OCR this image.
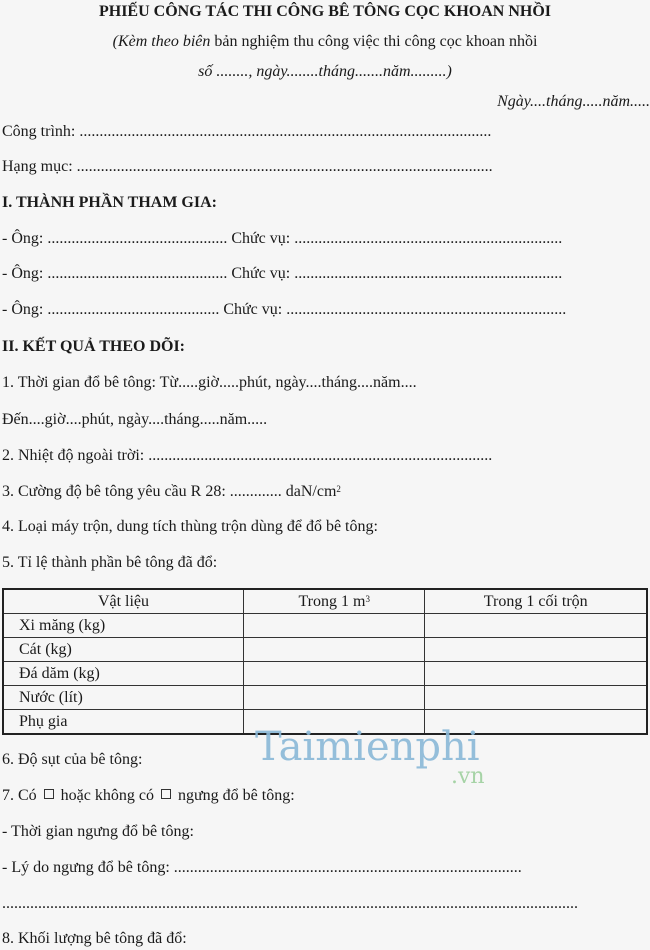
PHIẾU CÔNG TÁC THI CÔNG BÊ TÔNG CỌC KHOAN NHỒI
(Kèm theo biên bản nghiệm thu công việc thi công cọc khoan nhồi
số ........, ngày........tháng.......năm.........)
Ngày....tháng.....năm.....
Công trình: .......................................................................................................
Hạng mục: ........................................................................................................
I. THÀNH PHẦN THAM GIA:
- Ông: ............................................. Chức vụ: ...................................................................
- Ông: ............................................. Chức vụ: ...................................................................
- Ông: ........................................... Chức vụ: ......................................................................
II. KẾT QUẢ THEO DÕI:
1. Thời gian đổ bê tông: Từ.....giờ.....phút, ngày....tháng....năm....
Đến....giờ....phút, ngày....tháng.....năm.....
2. Nhiệt độ ngoài trời: ......................................................................................
3. Cường độ bê tông yêu cầu R 28: ............. daN/$cm^2$
4. Loại máy trộn, dung tích thùng trộn dùng để đổ bê tông:
5. Tỉ lệ thành phần bê tông đã đổ:
Vật liệu	Trong 1 $m^3$	Trong 1 cối trộn
Xi măng (kg)		
Cát (kg)		
Đá dăm (kg)		
Nước (lít)		
Phụ gia		
Taimienphi
.vn
6. Độ sụt của bê tông:
7. Có hoặc không có ngưng đổ bê tông:
- Thời gian ngưng đổ bê tông:
- Lý do ngưng đổ bê tông: .......................................................................................
................................................................................................................................................
8. Khối lượng bê tông đã đổ:
